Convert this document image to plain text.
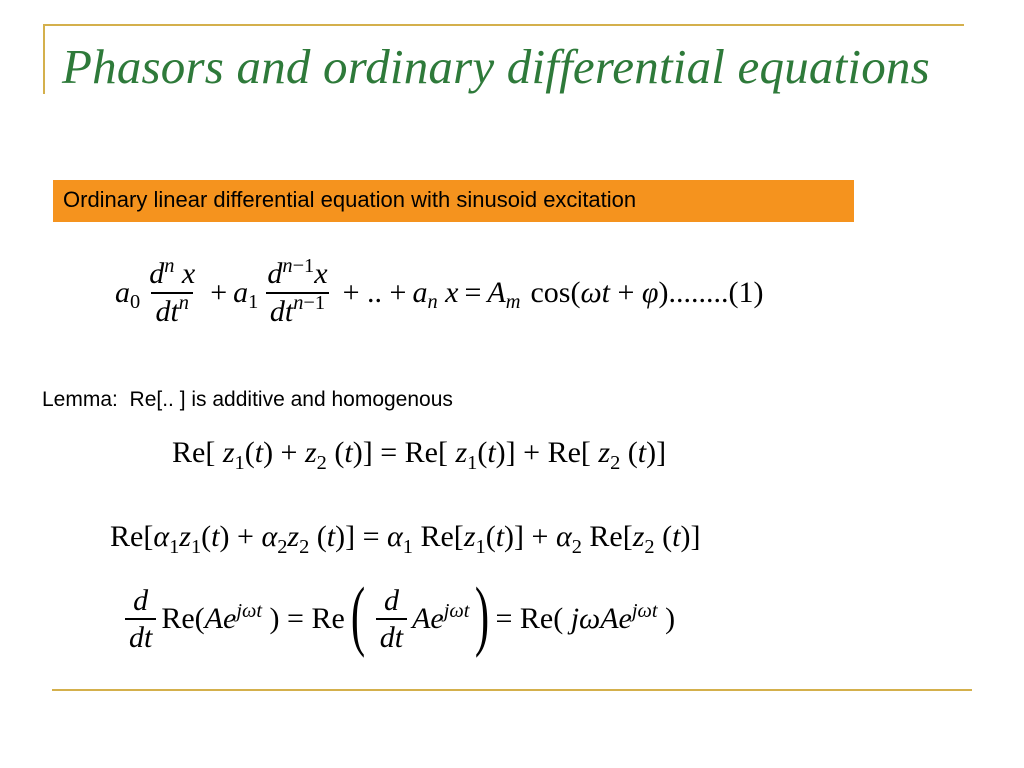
Phasors and ordinary differential equations
Ordinary linear differential equation with sinusoid excitation
$a_0 \frac{d^n x}{dt^n} + a_1 \frac{d^{n-1}x}{dt^{n-1}}$ + .. + $a_n$ $x = A_m$ cos(ωt + φ) ........ (1)
Lemma:  Re[.. ] is additive and homogenous
Re[ $z_1(t) + z_2$ (t)] = Re[ $z_1(t)] + Re$[ $z_2$ (t)]
$Re[\alpha_1z_1(t) + \alpha_2z_2$ $(t)] = \alpha_1$ $Re[z_1(t)] + \alpha_2$ $Re[z_2$ (t)]
$\frac{d}{dt} Re(Ae^{j\omega t}$ ) = Re ( $\frac{d}{dt} Ae^{j\omega t}$ ) = Re( jωAe$^{j\omega t}$ )
